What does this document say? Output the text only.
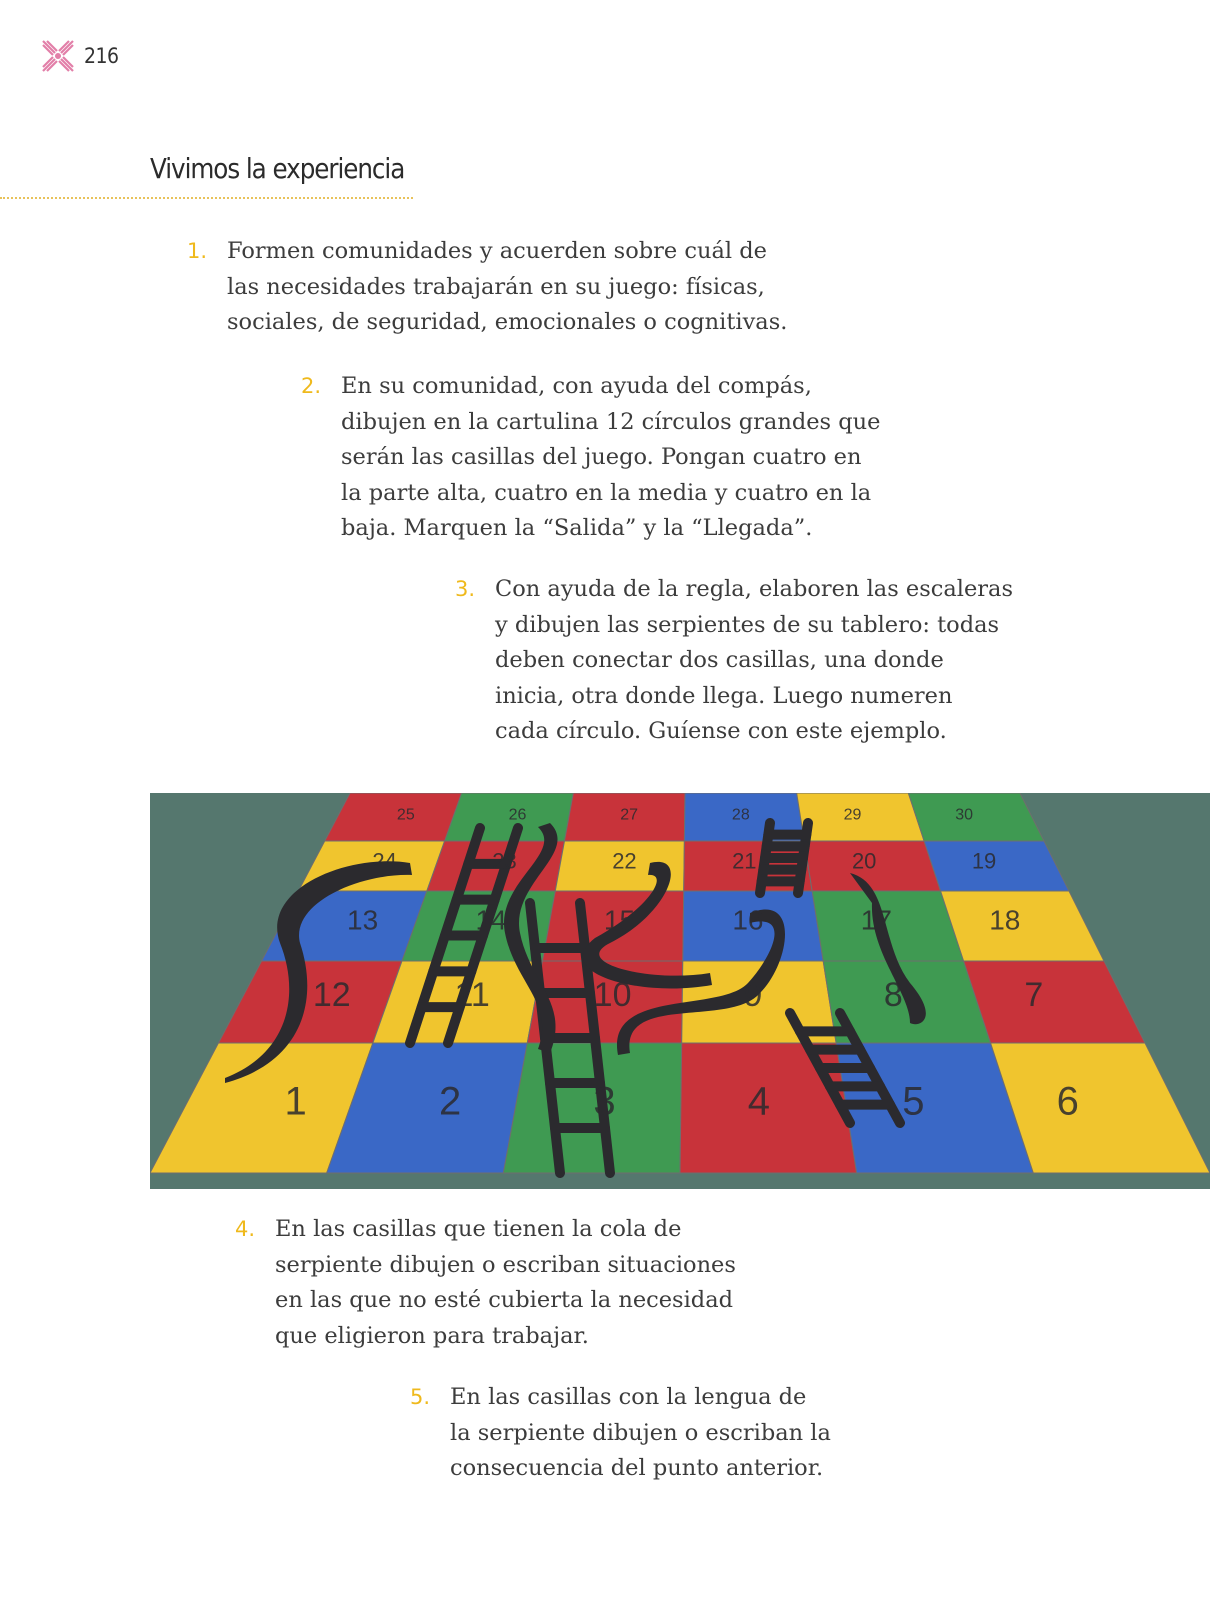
216
Vivimos la experiencia
1. Formen comunidades y acuerden sobre cuál de
las necesidades trabajarán en su juego: físicas,
sociales, de seguridad, emocionales o cognitivas.
2. En su comunidad, con ayuda del compás,
dibujen en la cartulina 12 círculos grandes que
serán las casillas del juego. Pongan cuatro en
la parte alta, cuatro en la media y cuatro en la
baja. Marquen la “Salida” y la “Llegada”.
3. Con ayuda de la regla, elaboren las escaleras
y dibujen las serpientes de su tablero: todas
deben conectar dos casillas, una donde
inicia, otra donde llega. Luego numeren
cada círculo. Guíense con este ejemplo.
25	26	27	28	29	30
24	23	22	21	20	19
13	14	15	16	17	18
12	11	10	9	8	7
1	2	3	4	5	6
4. En las casillas que tienen la cola de
serpiente dibujen o escriban situaciones
en las que no esté cubierta la necesidad
que eligieron para trabajar.
5. En las casillas con la lengua de
la serpiente dibujen o escriban la
consecuencia del punto anterior.
